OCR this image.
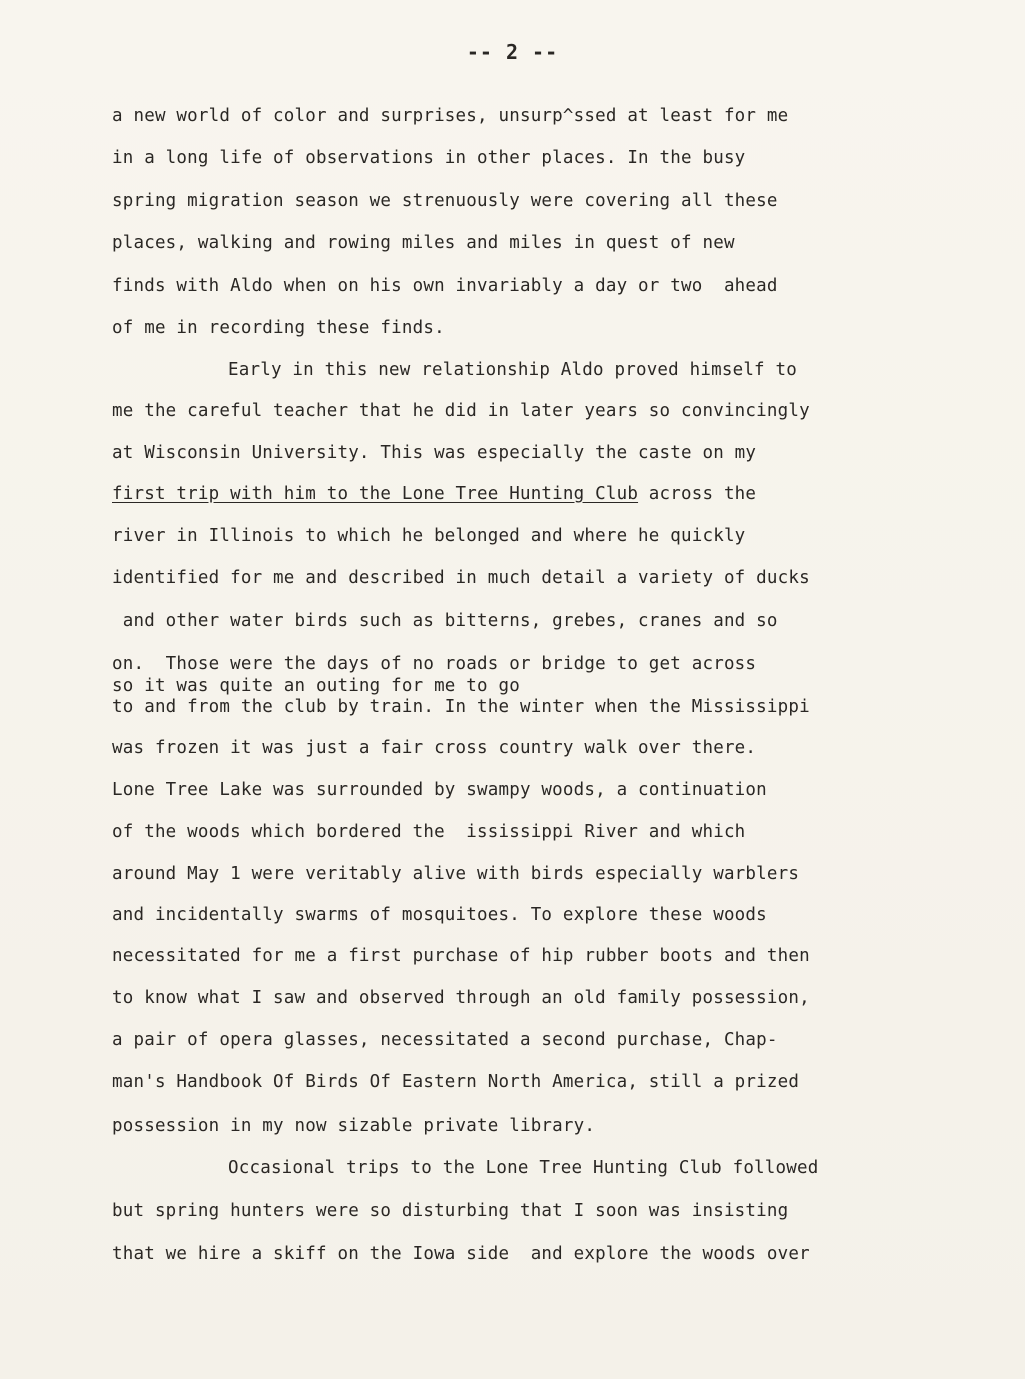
-- 2 --
a new world of color and surprises, unsurp^ssed at least for me
in a long life of observations in other places. In the busy
spring migration season we strenuously were covering all these
places, walking and rowing miles and miles in quest of new
finds with Aldo when on his own invariably a day or two  ahead
of me in recording these finds.
Early in this new relationship Aldo proved himself to
me the careful teacher that he did in later years so convincingly
at Wisconsin University. This was especially the caste on my
first trip with him to the Lone Tree Hunting Club across the
river in Illinois to which he belonged and where he quickly
identified for me and described in much detail a variety of ducks
and other water birds such as bitterns, grebes, cranes and so
on.  Those were the days of no roads or bridge to get across
so it was quite an outing for me to go
to and from the club by train. In the winter when the Mississippi
was frozen it was just a fair cross country walk over there.
Lone Tree Lake was surrounded by swampy woods, a continuation
of the woods which bordered the  ississippi River and which
around May 1 were veritably alive with birds especially warblers
and incidentally swarms of mosquitoes. To explore these woods
necessitated for me a first purchase of hip rubber boots and then
to know what I saw and observed through an old family possession,
a pair of opera glasses, necessitated a second purchase, Chap-
man's Handbook Of Birds Of Eastern North America, still a prized
possession in my now sizable private library.
Occasional trips to the Lone Tree Hunting Club followed
but spring hunters were so disturbing that I soon was insisting
that we hire a skiff on the Iowa side  and explore the woods over
